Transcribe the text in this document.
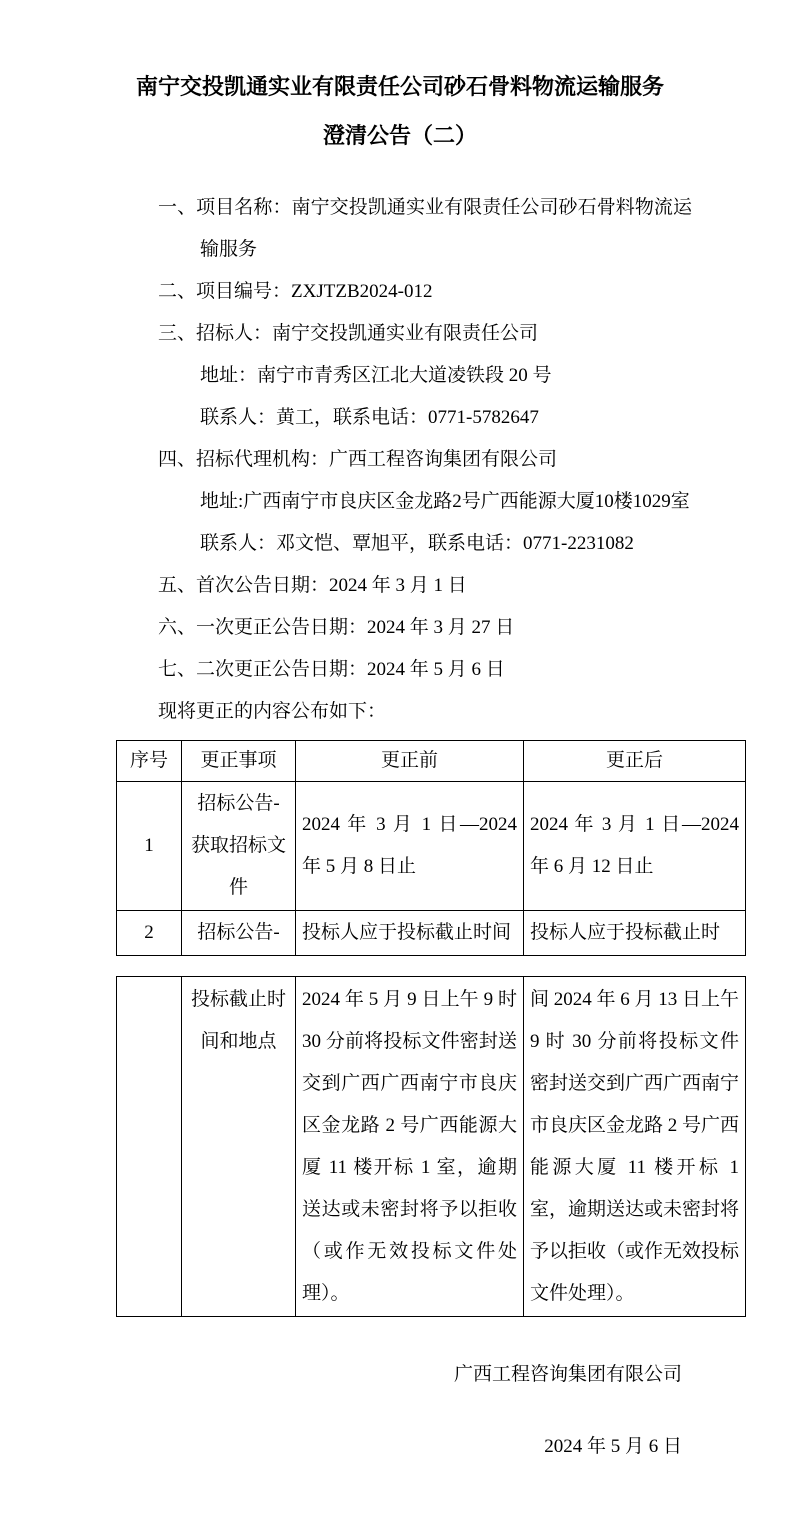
南宁交投凯通实业有限责任公司砂石骨料物流运输服务
澄清公告（二）

一、项目名称：南宁交投凯通实业有限责任公司砂石骨料物流运输服务

二、项目编号：ZXJTZB2024-012

三、招标人：南宁交投凯通实业有限责任公司

地址：南宁市青秀区江北大道凌铁段 20 号

联系人：黄工，联系电话：0771-5782647

四、招标代理机构：广西工程咨询集团有限公司

地址:广西南宁市良庆区金龙路2号广西能源大厦10楼1029室

联系人：邓文恺、覃旭平，联系电话：0771-2231082

五、首次公告日期：2024 年 3 月 1 日

六、一次更正公告日期：2024 年 3 月 27 日

七、二次更正公告日期：2024 年 5 月 6 日

现将更正的内容公布如下：

序号	更正事项	更正前	更正后
1	招标公告-获取招标文件	2024 年 3 月 1 日—2024 年 5 月 8 日止	2024 年 3 月 1 日—2024 年 6 月 12 日止
2	招标公告-	投标人应于投标截止时间	投标人应于投标截止时
	投标截止时间和地点	2024 年 5 月 9 日上午 9 时 30 分前将投标文件密封送交到广西广西南宁市良庆区金龙路 2 号广西能源大厦 11 楼开标 1 室，逾期送达或未密封将予以拒收（或作无效投标文件处理）。	间 2024 年 6 月 13 日上午 9 时 30 分前将投标文件密封送交到广西广西南宁市良庆区金龙路 2 号广西能源大厦 11 楼开标 1 室，逾期送达或未密封将予以拒收（或作无效投标文件处理）。
广西工程咨询集团有限公司
2024 年 5 月 6 日
